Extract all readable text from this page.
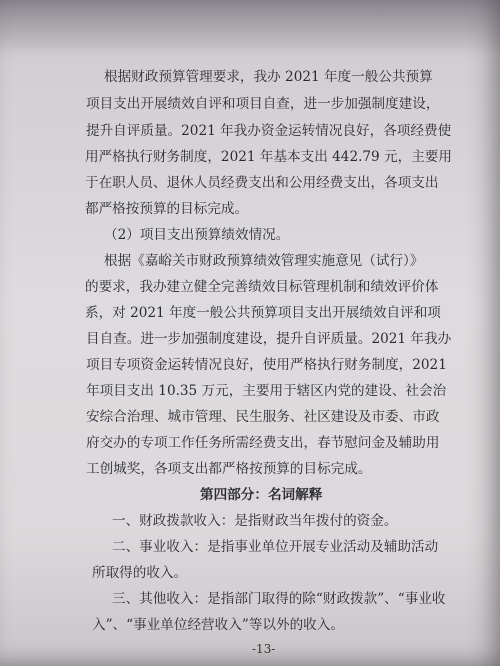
根据财政预算管理要求，我办 2021 年度一般公共预算
项目支出开展绩效自评和项目自查，进一步加强制度建设，
提升自评质量。2021 年我办资金运转情况良好，各项经费使
用严格执行财务制度，2021 年基本支出 442.79 元，主要用
于在职人员、退休人员经费支出和公用经费支出，各项支出
都严格按预算的目标完成。
（2）项目支出预算绩效情况。
根据《嘉峪关市财政预算绩效管理实施意见（试行）》
的要求，我办建立健全完善绩效目标管理机制和绩效评价体
系，对 2021 年度一般公共预算项目支出开展绩效自评和项
目自查。进一步加强制度建设，提升自评质量。2021 年我办
项目专项资金运转情况良好，使用严格执行财务制度，2021
年项目支出 10.35 万元，主要用于辖区内党的建设、社会治
安综合治理、城市管理、民生服务、社区建设及市委、市政
府交办的专项工作任务所需经费支出，春节慰问金及辅助用
工创城奖，各项支出都严格按预算的目标完成。
第四部分：名词解释
一、财政拨款收入：是指财政当年拨付的资金。
二、事业收入：是指事业单位开展专业活动及辅助活动
所取得的收入。
三、其他收入：是指部门取得的除“财政拨款”、“事业收
入”、“事业单位经营收入”等以外的收入。
-13-
